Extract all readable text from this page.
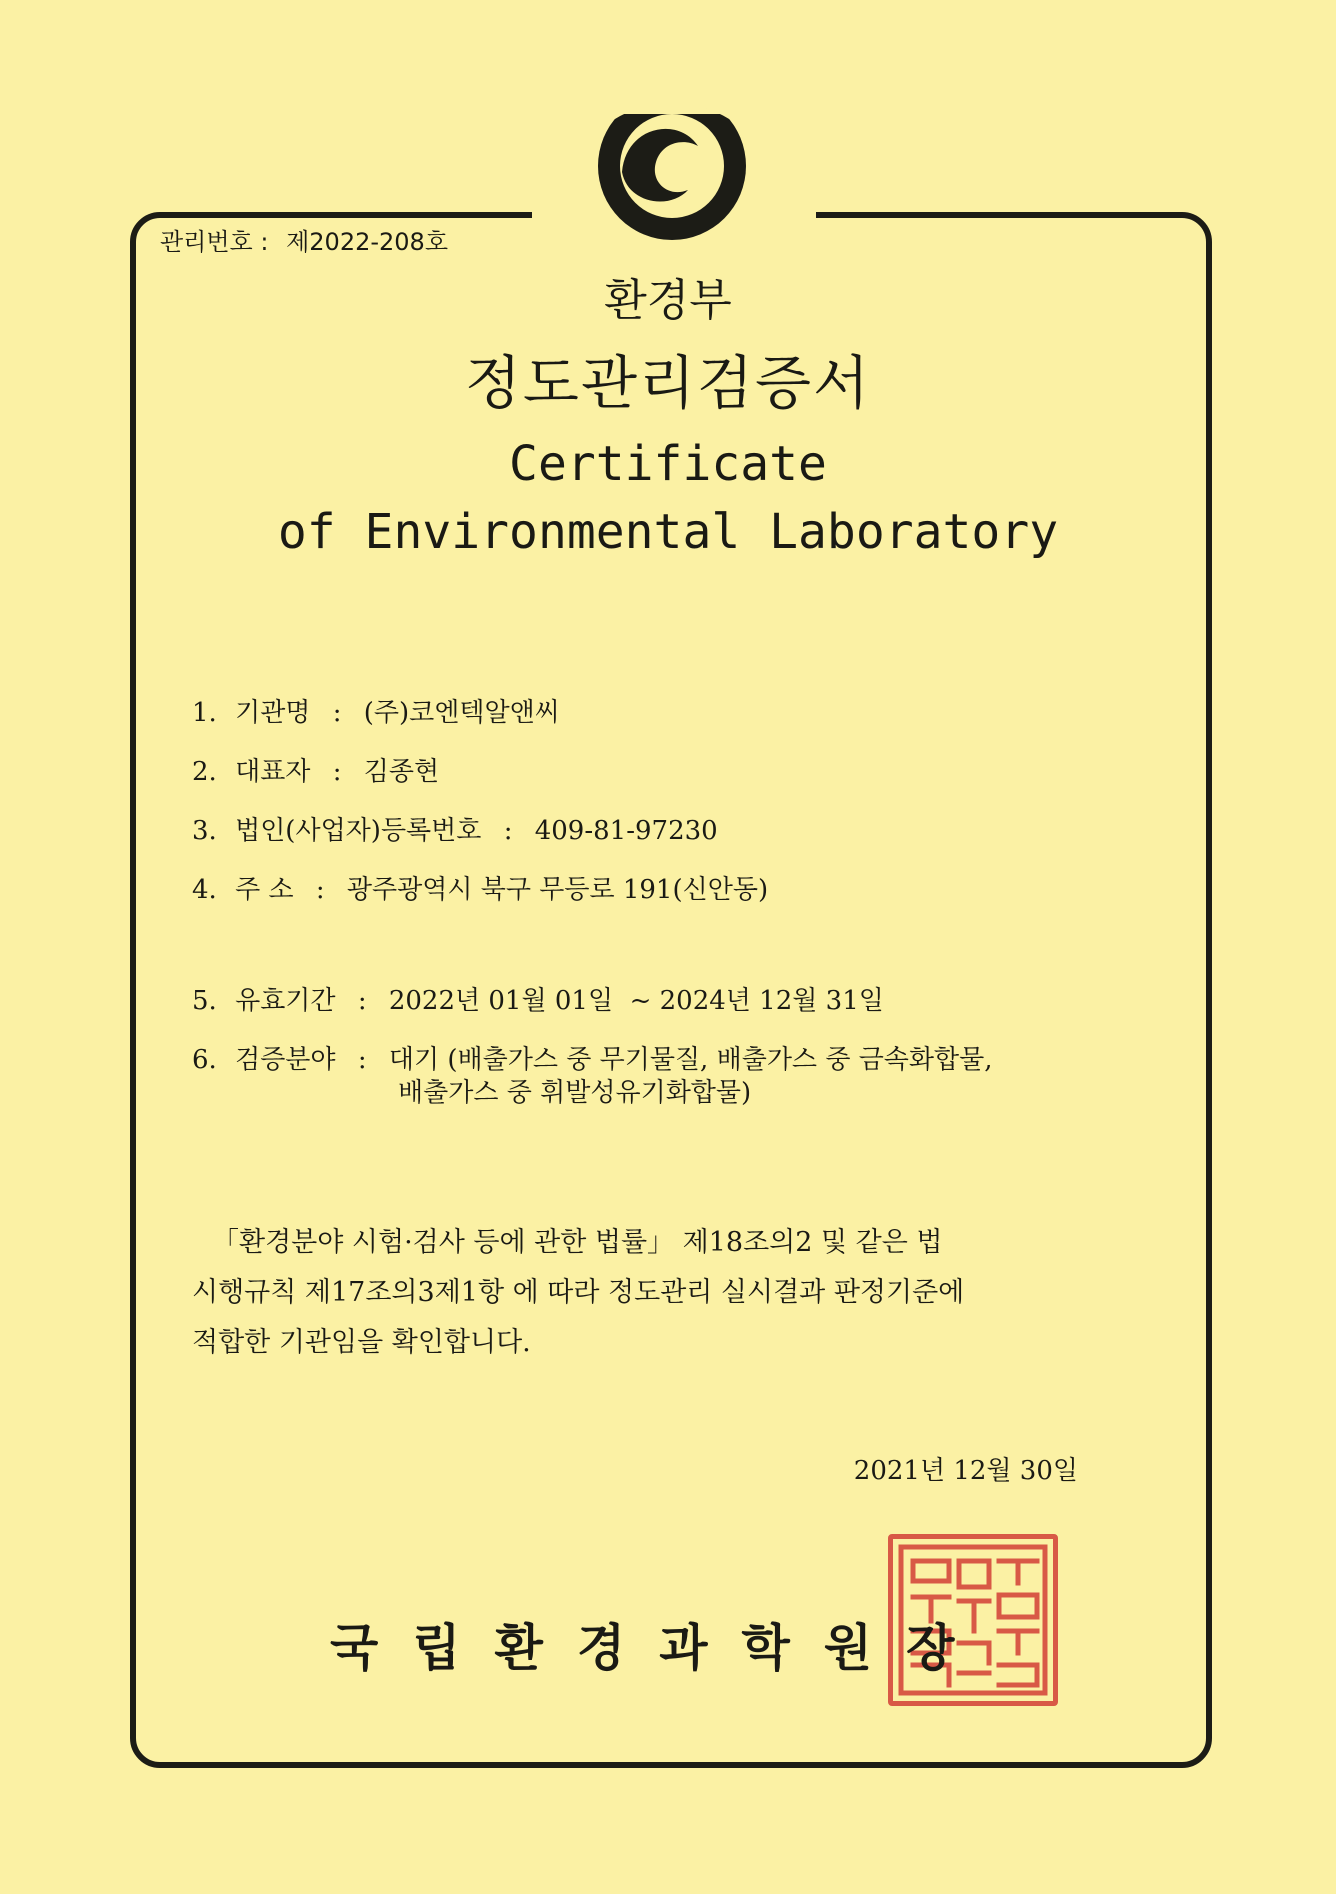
관리번호 : 제2022-208호
환경부
정도관리검증서
Certificate
of Environmental Laboratory
1. 기관명 : (주)코엔텍알앤씨
2. 대표자 : 김종현
3. 법인(사업자)등록번호 : 409-81-97230
4. 주 소 : 광주광역시 북구 무등로 191(신안동)
5. 유효기간 : 2022년 01월 01일  ~ 2024년 12월 31일
6. 검증분야 : 대기 (배출가스 중 무기물질, 배출가스 중 금속화합물,
배출가스 중 휘발성유기화합물)
「환경분야 시험·검사 등에 관한 법률」 제18조의2 및 같은 법
시행규칙 제17조의3제1항 에 따라 정도관리 실시결과 판정기준에
적합한 기관임을 확인합니다.
2021년 12월 30일
국립환경과학원장
